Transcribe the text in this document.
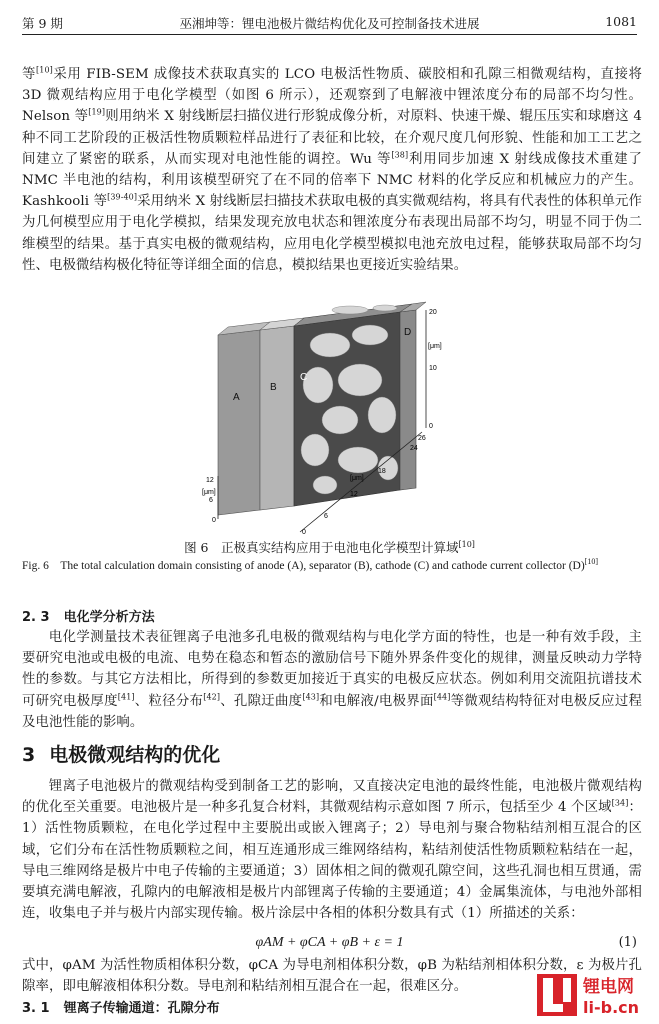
第 9 期	巫湘坤等：锂电池极片微结构优化及可控制备技术进展	1081

等[10]采用 FIB-SEM 成像技术获取真实的 LCO 电极活性物质、碳胶相和孔隙三相微观结构，直接将 3D 微观结构应用于电化学模型（如图 6 所示），还观察到了电解液中锂浓度分布的局部不均匀性。Nelson 等[19]则用纳米 X 射线断层扫描仪进行形貌成像分析，对原料、快速干燥、辊压压实和球磨这 4 种不同工艺阶段的正极活性物质颗粒样品进行了表征和比较，在介观尺度几何形貌、性能和加工工艺之间建立了紧密的联系，从而实现对电池性能的调控。Wu 等[38]利用同步加速 X 射线成像技术重建了 NMC 半电池的结构，利用该模型研究了在不同的倍率下 NMC 材料的化学反应和机械应力的产生。Kashkooli 等[39-40]采用纳米 X 射线断层扫描技术获取电极的真实微观结构，将具有代表性的体积单元作为几何模型应用于电化学模拟，结果发现充放电状态和锂浓度分布表现出局部不均匀，明显不同于伪二维模型的结果。基于真实电极的微观结构，应用电化学模型模拟电池充放电过程，能够获取局部不均匀性、电极微结构极化特征等详细全面的信息，模拟结果也更接近实验结果。

A
B
C
D
20
10
0
[μm]
26
24
18
12
6
0
[μm]
12
6
0
[μm]
图 6　正极真实结构应用于电池电化学模型计算域[10]
Fig. 6　The total calculation domain consisting of anode (A), separator (B), cathode (C) and cathode current collector (D)[10]
2. 3 电化学分析方法

电化学测量技术表征锂离子电池多孔电极的微观结构与电化学方面的特性，也是一种有效手段，主要研究电池或电极的电流、电势在稳态和暂态的激励信号下随外界条件变化的规律，测量反映动力学特性的参数。与其它方法相比，所得到的参数更加接近于真实的电极反应状态。例如利用交流阻抗谱技术可研究电极厚度[41]、粒径分布[42]、孔隙迂曲度[43]和电解液/电极界面[44]等微观结构特征对电极反应过程及电池性能的影响。

3 电极微观结构的优化

锂离子电池极片的微观结构受到制备工艺的影响，又直接决定电池的最终性能，电池极片微观结构的优化至关重要。电池极片是一种多孔复合材料，其微观结构示意如图 7 所示，包括至少 4 个区域[34]：1）活性物质颗粒，在电化学过程中主要脱出或嵌入锂离子；2）导电剂与聚合物粘结剂相互混合的区域，它们分布在活性物质颗粒之间，相互连通形成三维网络结构，粘结剂使活性物质颗粒粘结在一起，导电三维网络是极片中电子传输的主要通道；3）固体相之间的微观孔隙空间，这些孔洞也相互贯通，需要填充满电解液，孔隙内的电解液相是极片内部锂离子传输的主要通道；4）金属集流体，与电池外部相连，收集电子并与极片内部实现传输。极片涂层中各相的体积分数具有式（1）所描述的关系：

φAM + φCA + φB + ε = 1	(1)

式中，φAM 为活性物质相体积分数，φCA 为导电剂相体积分数，φB 为粘结剂相体积分数，ε 为极片孔隙率，即电解液相体积分数。导电剂和粘结剂相互混合在一起，很难区分。

3. 1 锂离子传输通道：孔隙分布
锂电网
li-b.cn
